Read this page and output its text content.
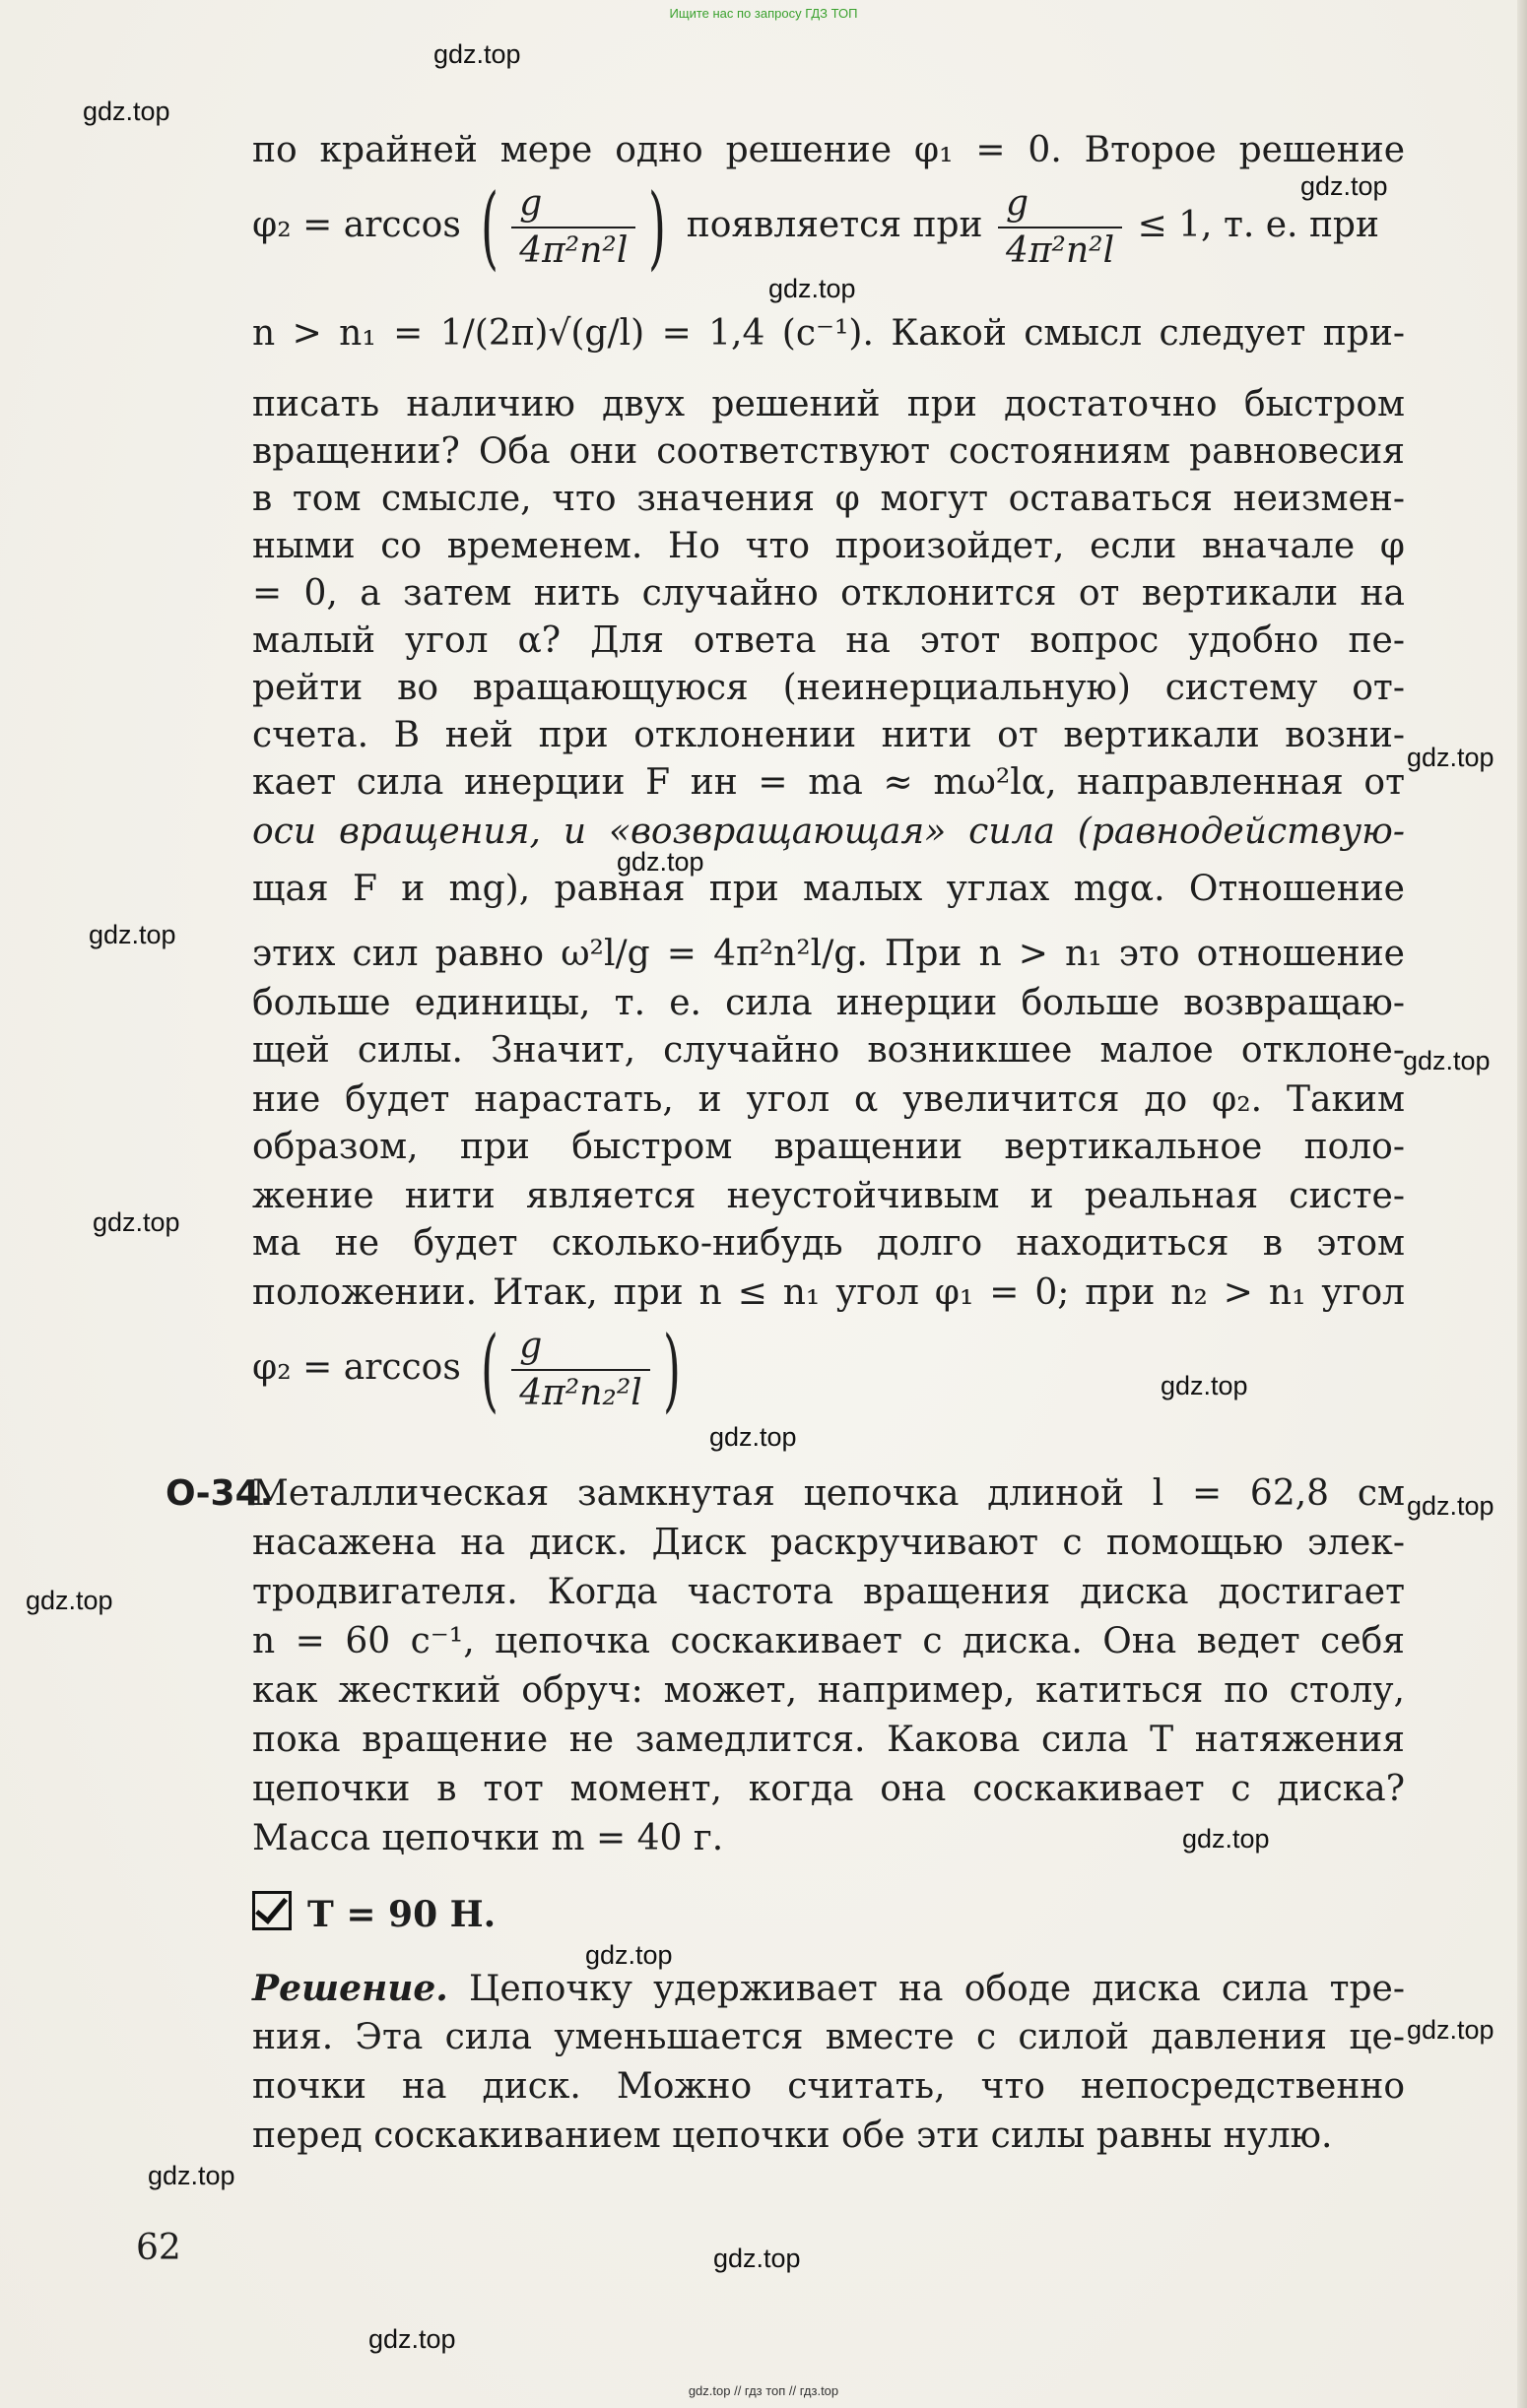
Ищите нас по запросу ГДЗ ТОП
gdz.top
gdz.top
gdz.top
gdz.top
gdz.top
gdz.top
gdz.top
gdz.top
gdz.top
gdz.top
gdz.top
gdz.top
gdz.top
gdz.top
gdz.top
gdz.top
gdz.top
gdz.top
gdz.top
по крайней мере одно решение φ₁ = 0. Второе решение
φ₂ = arccos ( $\frac{g}{\text{4π²n²l}}$ ) появляется при $\frac{g}{\text{4π²n²l}} \le 1$, т. е. при
n > n₁ = 1/(2π)√(g/l) = 1,4 (с⁻¹). Какой смысл следует при-
писать наличию двух решений при достаточно быстром
вращении? Оба они соответствуют состояниям равновесия
в том смысле, что значения φ могут оставаться неизмен-
ными со временем. Но что произойдет, если вначале φ
= 0, а затем нить случайно отклонится от вертикали на
малый угол α? Для ответа на этот вопрос удобно пе-
рейти во вращающуюся (неинерциальную) систему от-
счета. В ней при отклонении нити от вертикали возни-
кает сила инерции F ин = ma ≈ mω²lα, направленная от
оси вращения, и «возвращающая» сила (равнодействую-
щая F и mg), равная при малых углах mgα. Отношение
этих сил равно ω²l/g = 4π²n²l/g. При n > n₁ это отношение
больше единицы, т. е. сила инерции больше возвращаю-
щей силы. Значит, случайно возникшее малое отклоне-
ние будет нарастать, и угол α увеличится до φ₂. Таким
образом, при быстром вращении вертикальное поло-
жение нити является неустойчивым и реальная систе-
ма не будет сколько-нибудь долго находиться в этом
положении. Итак, при n ≤ n₁ угол φ₁ = 0; при n₂ > n₁ угол
φ₂ = arccos ( $\frac{g}{\text{4π²n₂²l}}$ )
О-34.
Металлическая замкнутая цепочка длиной l = 62,8 см
насажена на диск. Диск раскручивают с помощью элек-
тродвигателя. Когда частота вращения диска достигает
n = 60 с⁻¹, цепочка соскакивает с диска. Она ведет себя
как жесткий обруч: может, например, катиться по столу,
пока вращение не замедлится. Какова сила T натяжения
цепочки в тот момент, когда она соскакивает с диска?
Масса цепочки m = 40 г.
T = 90 Н.
Решение. Цепочку удерживает на ободе диска сила тре-
ния. Эта сила уменьшается вместе с силой давления це-
почки на диск. Можно считать, что непосредственно
перед соскакиванием цепочки обе эти силы равны нулю.
62
gdz.top // гдз топ // гдз.top
